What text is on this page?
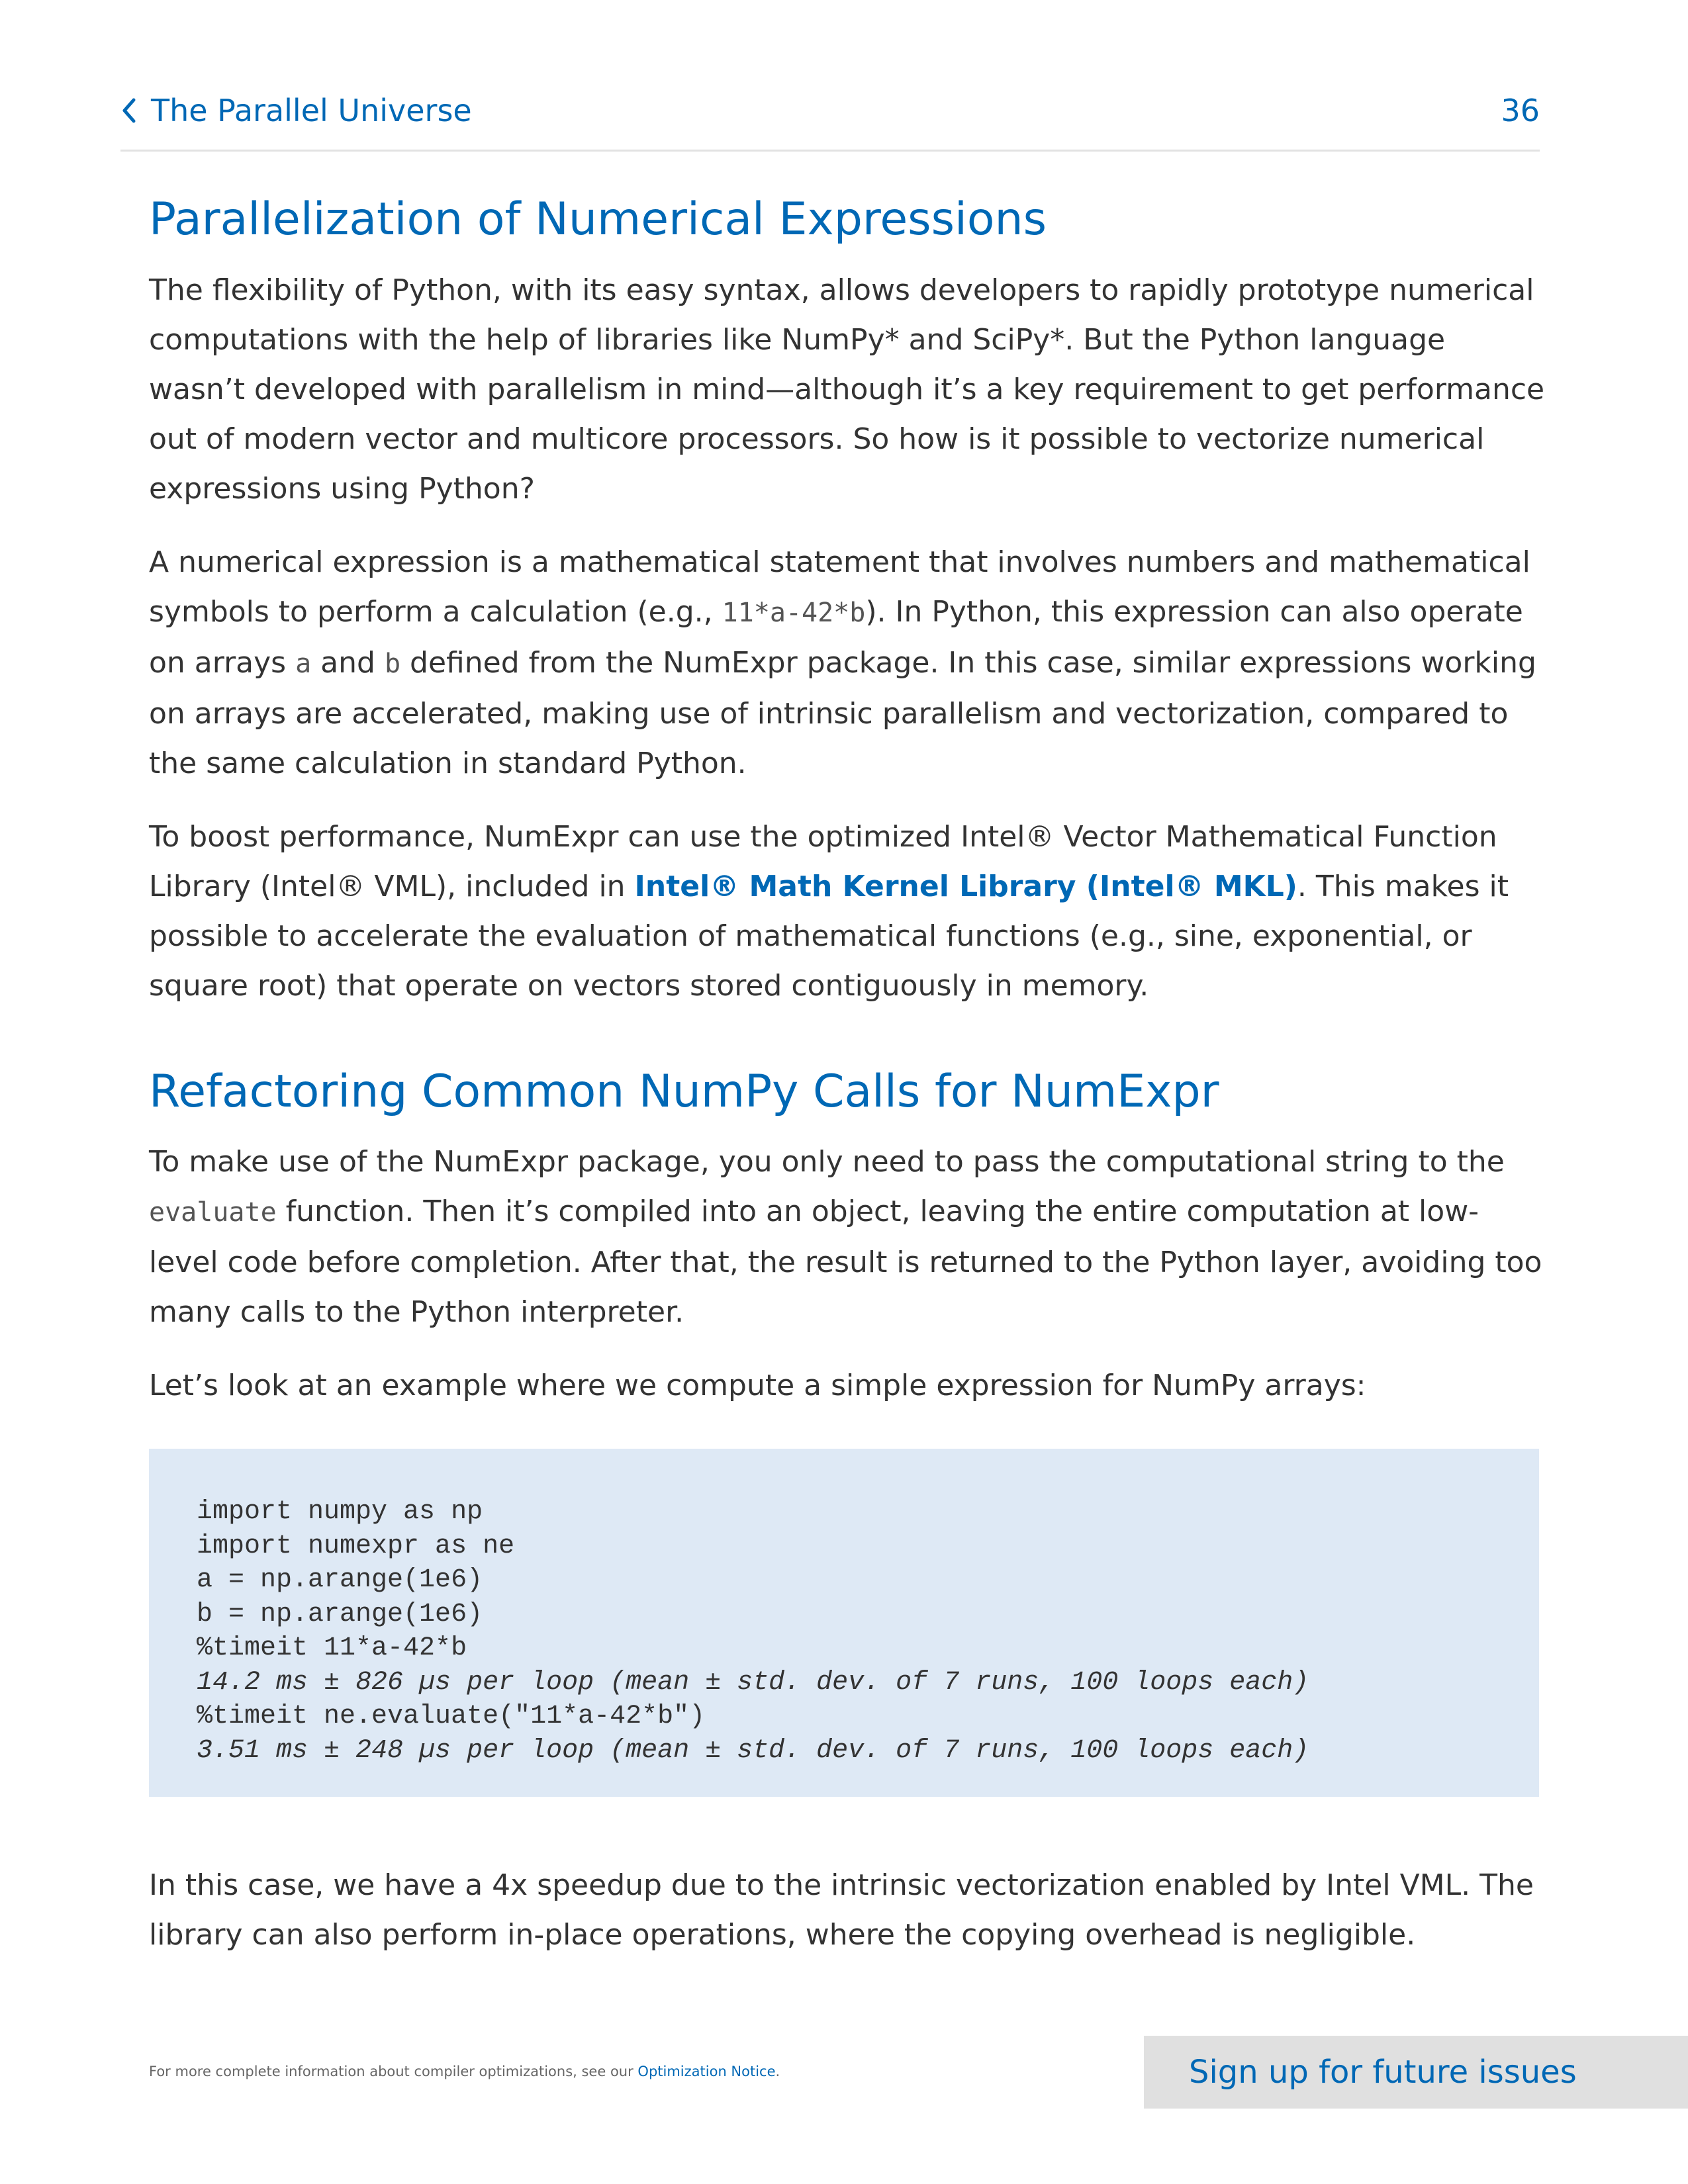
The Parallel Universe	36
Parallelization of Numerical Expressions

The flexibility of Python, with its easy syntax, allows developers to rapidly prototype numerical computations with the help of libraries like NumPy* and SciPy*. But the Python language wasn’t developed with parallelism in mind—although it’s a key requirement to get performance out of modern vector and multicore processors. So how is it possible to vectorize numerical expressions using Python?

A numerical expression is a mathematical statement that involves numbers and mathematical symbols to perform a calculation (e.g., 11*a-42*b). In Python, this expression can also operate on arrays a and b defined from the NumExpr package. In this case, similar expressions working on arrays are accelerated, making use of intrinsic parallelism and vectorization, compared to the same calculation in standard Python.

To boost performance, NumExpr can use the optimized Intel® Vector Mathematical Function Library (Intel® VML), included in Intel® Math Kernel Library (Intel® MKL). This makes it possible to accelerate the evaluation of mathematical functions (e.g., sine, exponential, or square root) that operate on vectors stored contiguously in memory.

Refactoring Common NumPy Calls for NumExpr

To make use of the NumExpr package, you only need to pass the computational string to the
evaluate function. Then it’s compiled into an object, leaving the entire computation at low-level code before completion. After that, the result is returned to the Python layer, avoiding too many calls to the Python interpreter.

Let’s look at an example where we compute a simple expression for NumPy arrays:

import numpy as np
import numexpr as ne
a = np.arange(1e6)
b = np.arange(1e6)
%timeit 11*a-42*b
14.2 ms ± 826 µs per loop (mean ± std. dev. of 7 runs, 100 loops each)
%timeit ne.evaluate("11*a-42*b")
3.51 ms ± 248 µs per loop (mean ± std. dev. of 7 runs, 100 loops each)

In this case, we have a 4x speedup due to the intrinsic vectorization enabled by Intel VML. The library can also perform in-place operations, where the copying overhead is negligible.

For more complete information about compiler optimizations, see our Optimization Notice.	Sign up for future issues
